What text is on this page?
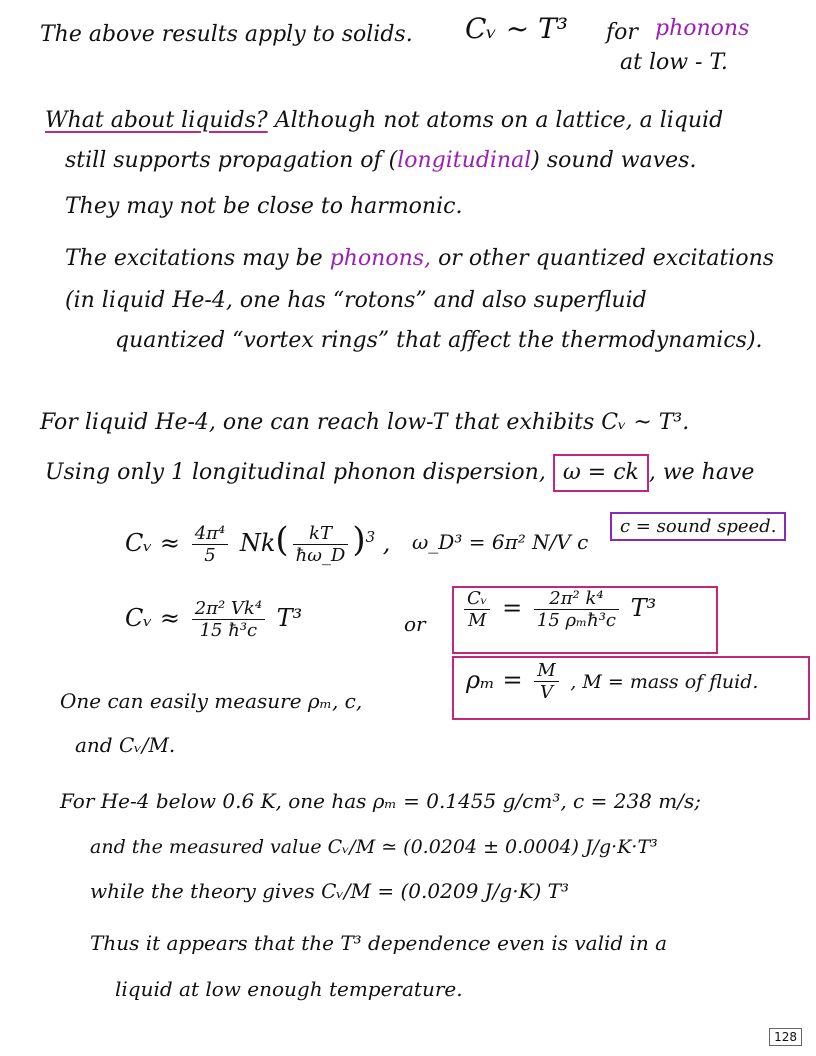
The above results apply to solids. Cᵥ ~ T³ for phonons
at low - T.
What about liquids? Although not atoms on a lattice, a liquid
still supports propagation of (longitudinal) sound waves.
They may not be close to harmonic.
The excitations may be phonons, or other quantized excitations
(in liquid He-4, one has “rotons” and also superfluid
quantized “vortex rings” that affect the thermodynamics).
For liquid He-4, one can reach low-T that exhibits Cᵥ ~ T³.
Using only 1 longitudinal phonon dispersion, ω = ck , we have
Cᵥ ≈ $\frac{\text{4π⁴}}{5} Nk( \frac{kT}{ħ\omega\_D} )^3$ , ω_D³ = 6π² N/V c
c = sound speed.
Cᵥ ≈ $\frac{\text{2π² Vk⁴}}{\text{15 ħ³c}} T^3$	or $\frac{\text{Cᵥ}}{M} = \frac{\text{2π² k⁴}}{\text{15 ρₘħ³c}} T^3$
$\rho_m = \frac{M}{V}$ , M = mass of fluid.
One can easily measure ρₘ, c,
and Cᵥ/M.
For He-4 below 0.6 K, one has ρₘ = 0.1455 g/cm³, c = 238 m/s;
and the measured value Cᵥ/M ≃ (0.0204 ± 0.0004) J/g·K·T³
while the theory gives Cᵥ/M = (0.0209 J/g·K) T³
Thus it appears that the T³ dependence even is valid in a
liquid at low enough temperature.
128
